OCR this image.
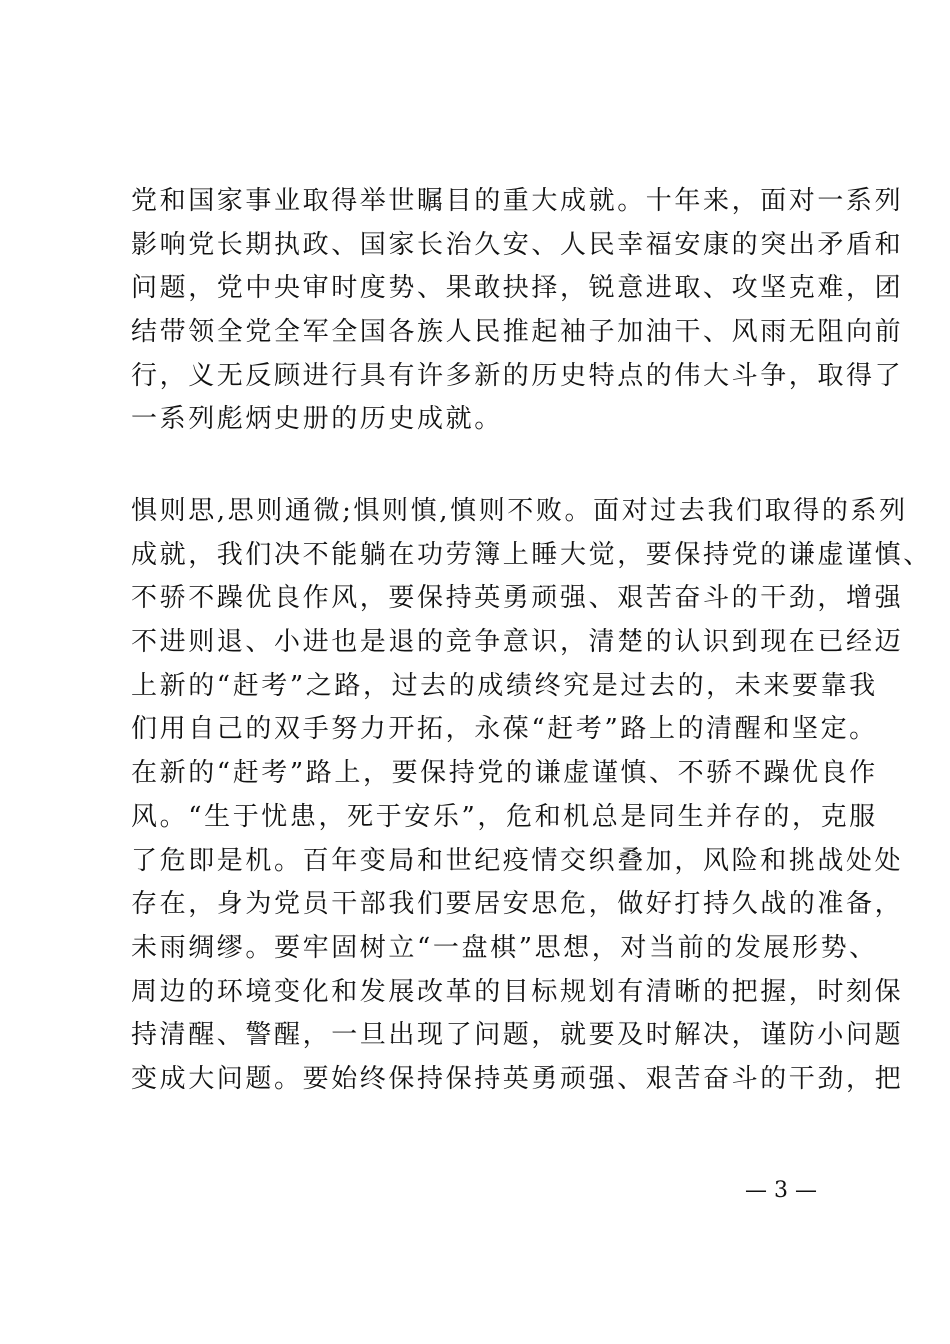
党和国家事业取得举世瞩目的重大成就。十年来，面对一系列
影响党长期执政、国家长治久安、人民幸福安康的突出矛盾和
问题，党中央审时度势、果敢抉择，锐意进取、攻坚克难，团
结带领全党全军全国各族人民推起袖子加油干、风雨无阻向前
行，义无反顾进行具有许多新的历史特点的伟大斗争，取得了
一系列彪炳史册的历史成就。
惧则思,思则通微;惧则慎,慎则不败。面对过去我们取得的系列
成就，我们决不能躺在功劳簿上睡大觉，要保持党的谦虚谨慎、
不骄不躁优良作风，要保持英勇顽强、艰苦奋斗的干劲，增强
不进则退、小进也是退的竞争意识，清楚的认识到现在已经迈
上新的“赶考”之路，过去的成绩终究是过去的，未来要靠我
们用自己的双手努力开拓，永葆“赶考”路上的清醒和坚定。
在新的“赶考”路上，要保持党的谦虚谨慎、不骄不躁优良作
风。“生于忧患，死于安乐”，危和机总是同生并存的，克服
了危即是机。百年变局和世纪疫情交织叠加，风险和挑战处处
存在，身为党员干部我们要居安思危，做好打持久战的准备，
未雨绸缪。要牢固树立“一盘棋”思想，对当前的发展形势、
周边的环境变化和发展改革的目标规划有清晰的把握，时刻保
持清醒、警醒，一旦出现了问题，就要及时解决，谨防小问题
变成大问题。要始终保持保持英勇顽强、艰苦奋斗的干劲，把
— 3 —
